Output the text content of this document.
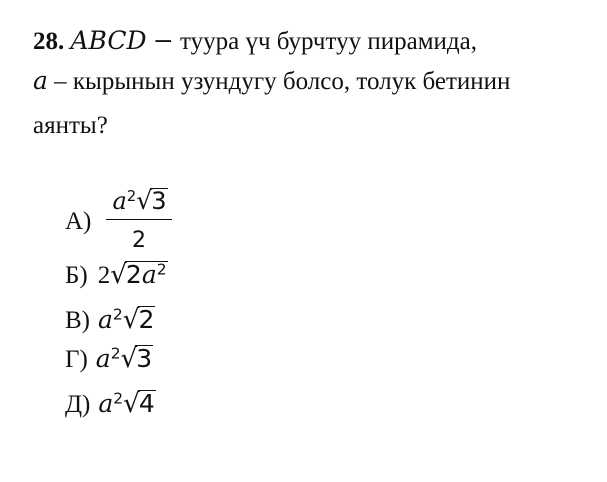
28. ABCD − туура үч бурчтуу пирамида,
a – кырынын узундугу болсо, толук бетинин
аянты?
А)
$a^2√3$
2
Б) $2√2a^2$
В) $a^2√2$
Г) $a^2√3$
Д) $a^2√4$
